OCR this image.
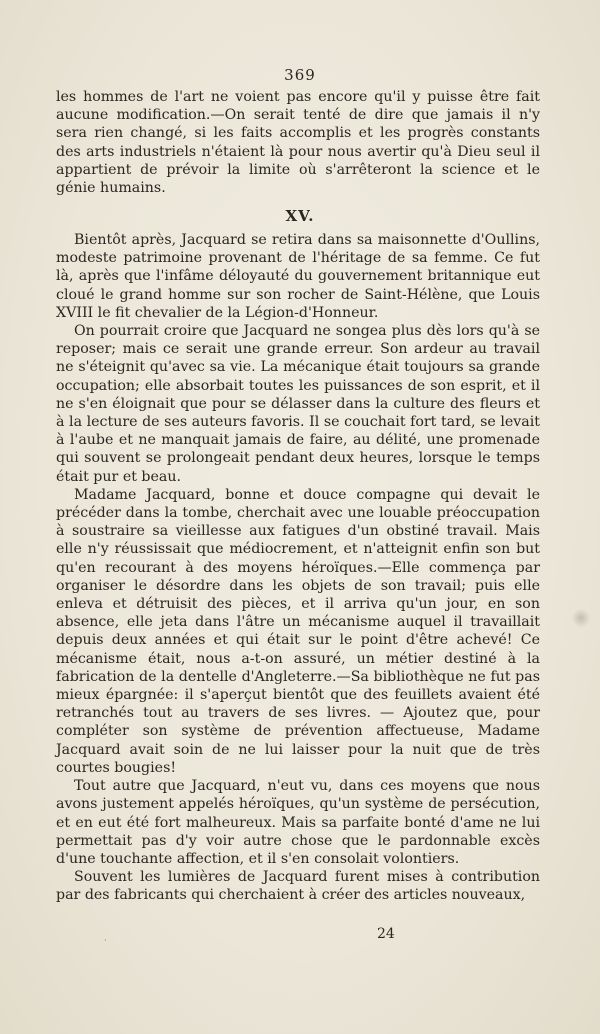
369

les hommes de l'art ne voient pas encore qu'il y puisse être fait aucune modification.—On serait tenté de dire que jamais il n'y sera rien changé, si les faits accomplis et les progrès constants des arts industriels n'étaient là pour nous avertir qu'à Dieu seul il appartient de prévoir la limite où s'arrêteront la science et le génie humains.

XV.

Bientôt après, Jacquard se retira dans sa maisonnette d'Oullins, modeste patrimoine provenant de l'héritage de sa femme. Ce fut là, après que l'infâme déloyauté du gouvernement britannique eut cloué le grand homme sur son rocher de Saint-Hélène, que Louis XVIII le fit chevalier de la Légion-d'Honneur.

On pourrait croire que Jacquard ne songea plus dès lors qu'à se reposer; mais ce serait une grande erreur. Son ardeur au travail ne s'éteignit qu'avec sa vie. La mécanique était toujours sa grande occupation; elle absorbait toutes les puissances de son esprit, et il ne s'en éloignait que pour se délasser dans la culture des fleurs et à la lecture de ses auteurs favoris. Il se couchait fort tard, se levait à l'aube et ne manquait jamais de faire, au délité, une promenade qui souvent se prolongeait pendant deux heures, lorsque le temps était pur et beau.

Madame Jacquard, bonne et douce compagne qui devait le précéder dans la tombe, cherchait avec une louable préoccupation à soustraire sa vieillesse aux fatigues d'un obstiné travail. Mais elle n'y réussissait que médiocrement, et n'atteignit enfin son but qu'en recourant à des moyens héroïques.—Elle commença par organiser le désordre dans les objets de son travail; puis elle enleva et détruisit des pièces, et il arriva qu'un jour, en son absence, elle jeta dans l'âtre un mécanisme auquel il travaillait depuis deux années et qui était sur le point d'être achevé! Ce mécanisme était, nous a-t-on assuré, un métier destiné à la fabrication de la dentelle d'Angleterre.—Sa bibliothèque ne fut pas mieux épargnée: il s'aperçut bientôt que des feuillets avaient été retranchés tout au travers de ses livres. — Ajoutez que, pour compléter son système de prévention affectueuse, Madame Jacquard avait soin de ne lui laisser pour la nuit que de très courtes bougies!

Tout autre que Jacquard, n'eut vu, dans ces moyens que nous avons justement appelés héroïques, qu'un système de persécution, et en eut été fort malheureux. Mais sa parfaite bonté d'ame ne lui permettait pas d'y voir autre chose que le pardonnable excès d'une touchante affection, et il s'en consolait volontiers.

Souvent les lumières de Jacquard furent mises à contribution par des fabricants qui cherchaient à créer des articles nouveaux,

·	24
